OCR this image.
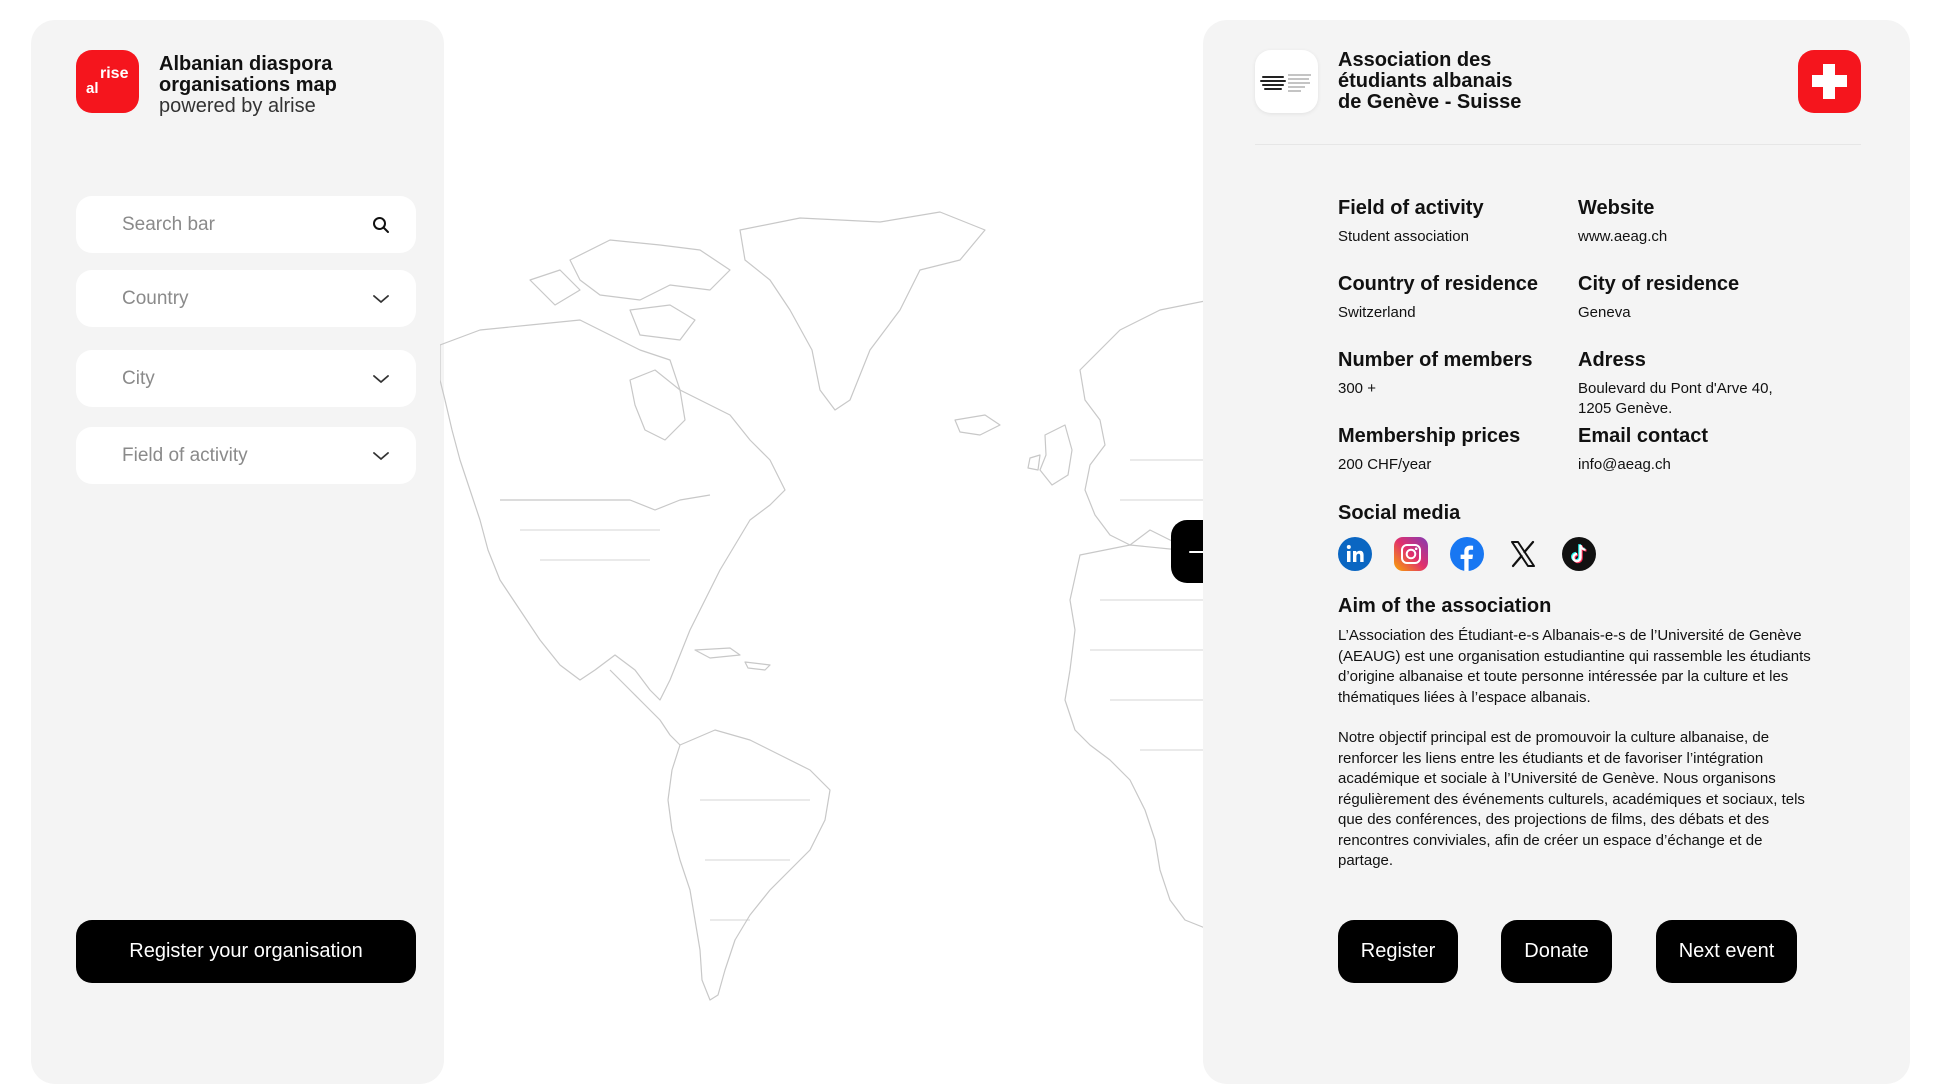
al
rise Albanian diaspora
organisations map
powered by alrise
Search bar
Country
City
Field of activity
Register your organisation
Association des
étudiants albanais
de Genève - Suisse
Field of activity
Student association
Website
www.aeag.ch
Country of residence
Switzerland
City of residence
Geneva
Number of members
300 +
Adress
Boulevard du Pont d'Arve 40,
1205 Genève.
Membership prices
200 CHF/year
Email contact
info@aeag.ch
Social media
Aim of the association

L’Association des Étudiant-e-s Albanais-e-s de l’Université de Genève (AEAUG) est une organisation estudiantine qui rassemble les étudiants d’origine albanaise et toute personne intéressée par la culture et les thématiques liées à l’espace albanais.

Notre objectif principal est de promouvoir la culture albanaise, de renforcer les liens entre les étudiants et de favoriser l’intégration académique et sociale à l’Université de Genève. Nous organisons régulièrement des événements culturels, académiques et sociaux, tels que des conférences, des projections de films, des débats et des rencontres conviviales, afin de créer un espace d’échange et de partage.

Register	Donate	Next event
